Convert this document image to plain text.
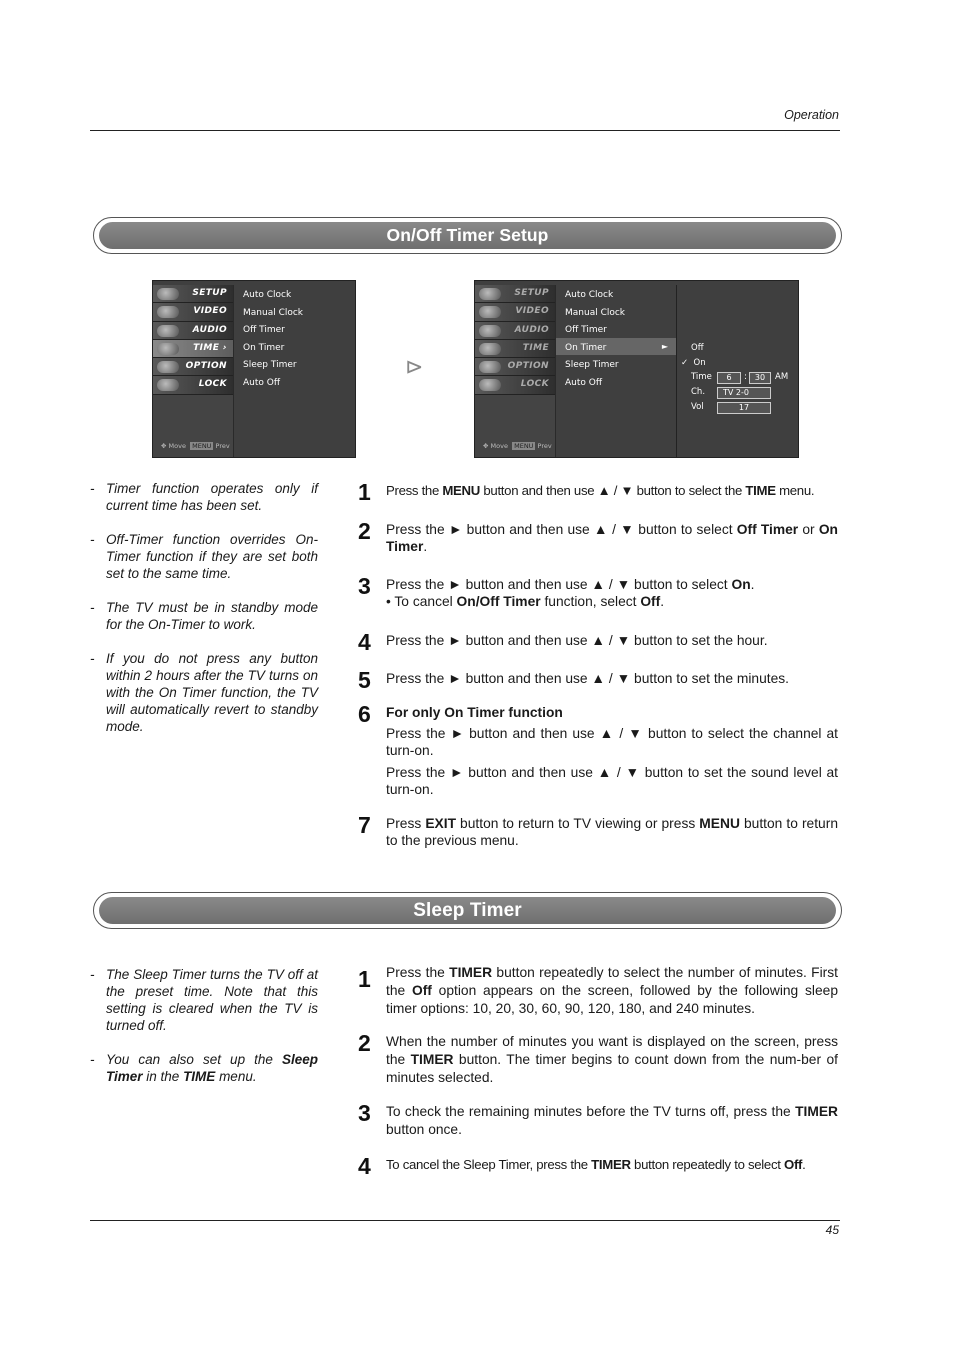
Operation
On/Off Timer Setup
SETUP
VIDEO
AUDIO
TIME ›
OPTION
LOCK
✥ Move MENU Prev
Auto Clock
Manual Clock
Off Timer
On Timer
Sleep Timer
Auto Off
⊳
SETUP
VIDEO
AUDIO
TIME
OPTION
LOCK
✥ Move MENU Prev
Auto Clock
Manual Clock
Off Timer
On Timer	►
Sleep Timer
Auto Off
Off
✓ On
Time	6	:	30	AM
Ch.	TV 2-0
Vol	17
- Timer function operates only if current time has been set.
- Off-Timer function overrides On-Timer function if they are set both set to the same time.
- The TV must be in standby mode for the On-Timer to work.
- If you do not press any button within 2 hours after the TV turns on with the On Timer function, the TV will automatically revert to standby mode.
1 Press the MENU button and then use ▲ / ▼ button to select the TIME menu.
2 Press the ► button and then use ▲ / ▼ button to select Off Timer or On Timer.
3 Press the ► button and then use ▲ / ▼ button to select On.
• To cancel On/Off Timer function, select Off.
4 Press the ► button and then use ▲ / ▼ button to set the hour.
5 Press the ► button and then use ▲ / ▼ button to set the minutes.
6 For only On Timer function
Press the ► button and then use ▲ / ▼ button to select the channel at turn-on.
Press the ► button and then use ▲ / ▼ button to set the sound level at turn-on.
7 Press EXIT button to return to TV viewing or press MENU button to return to the previous menu.
Sleep Timer
- The Sleep Timer turns the TV off at the preset time. Note that this setting is cleared when the TV is turned off.
- You can also set up the Sleep Timer in the TIME menu.
1 Press the TIMER button repeatedly to select the number of minutes. First the Off option appears on the screen, followed by the following sleep timer options: 10, 20, 30, 60, 90, 120, 180, and 240 minutes.
2 When the number of minutes you want is displayed on the screen, press the TIMER button. The timer begins to count down from the num-ber of minutes selected.
3 To check the remaining minutes before the TV turns off, press the TIMER button once.
4 To cancel the Sleep Timer, press the TIMER button repeatedly to select Off.
45
